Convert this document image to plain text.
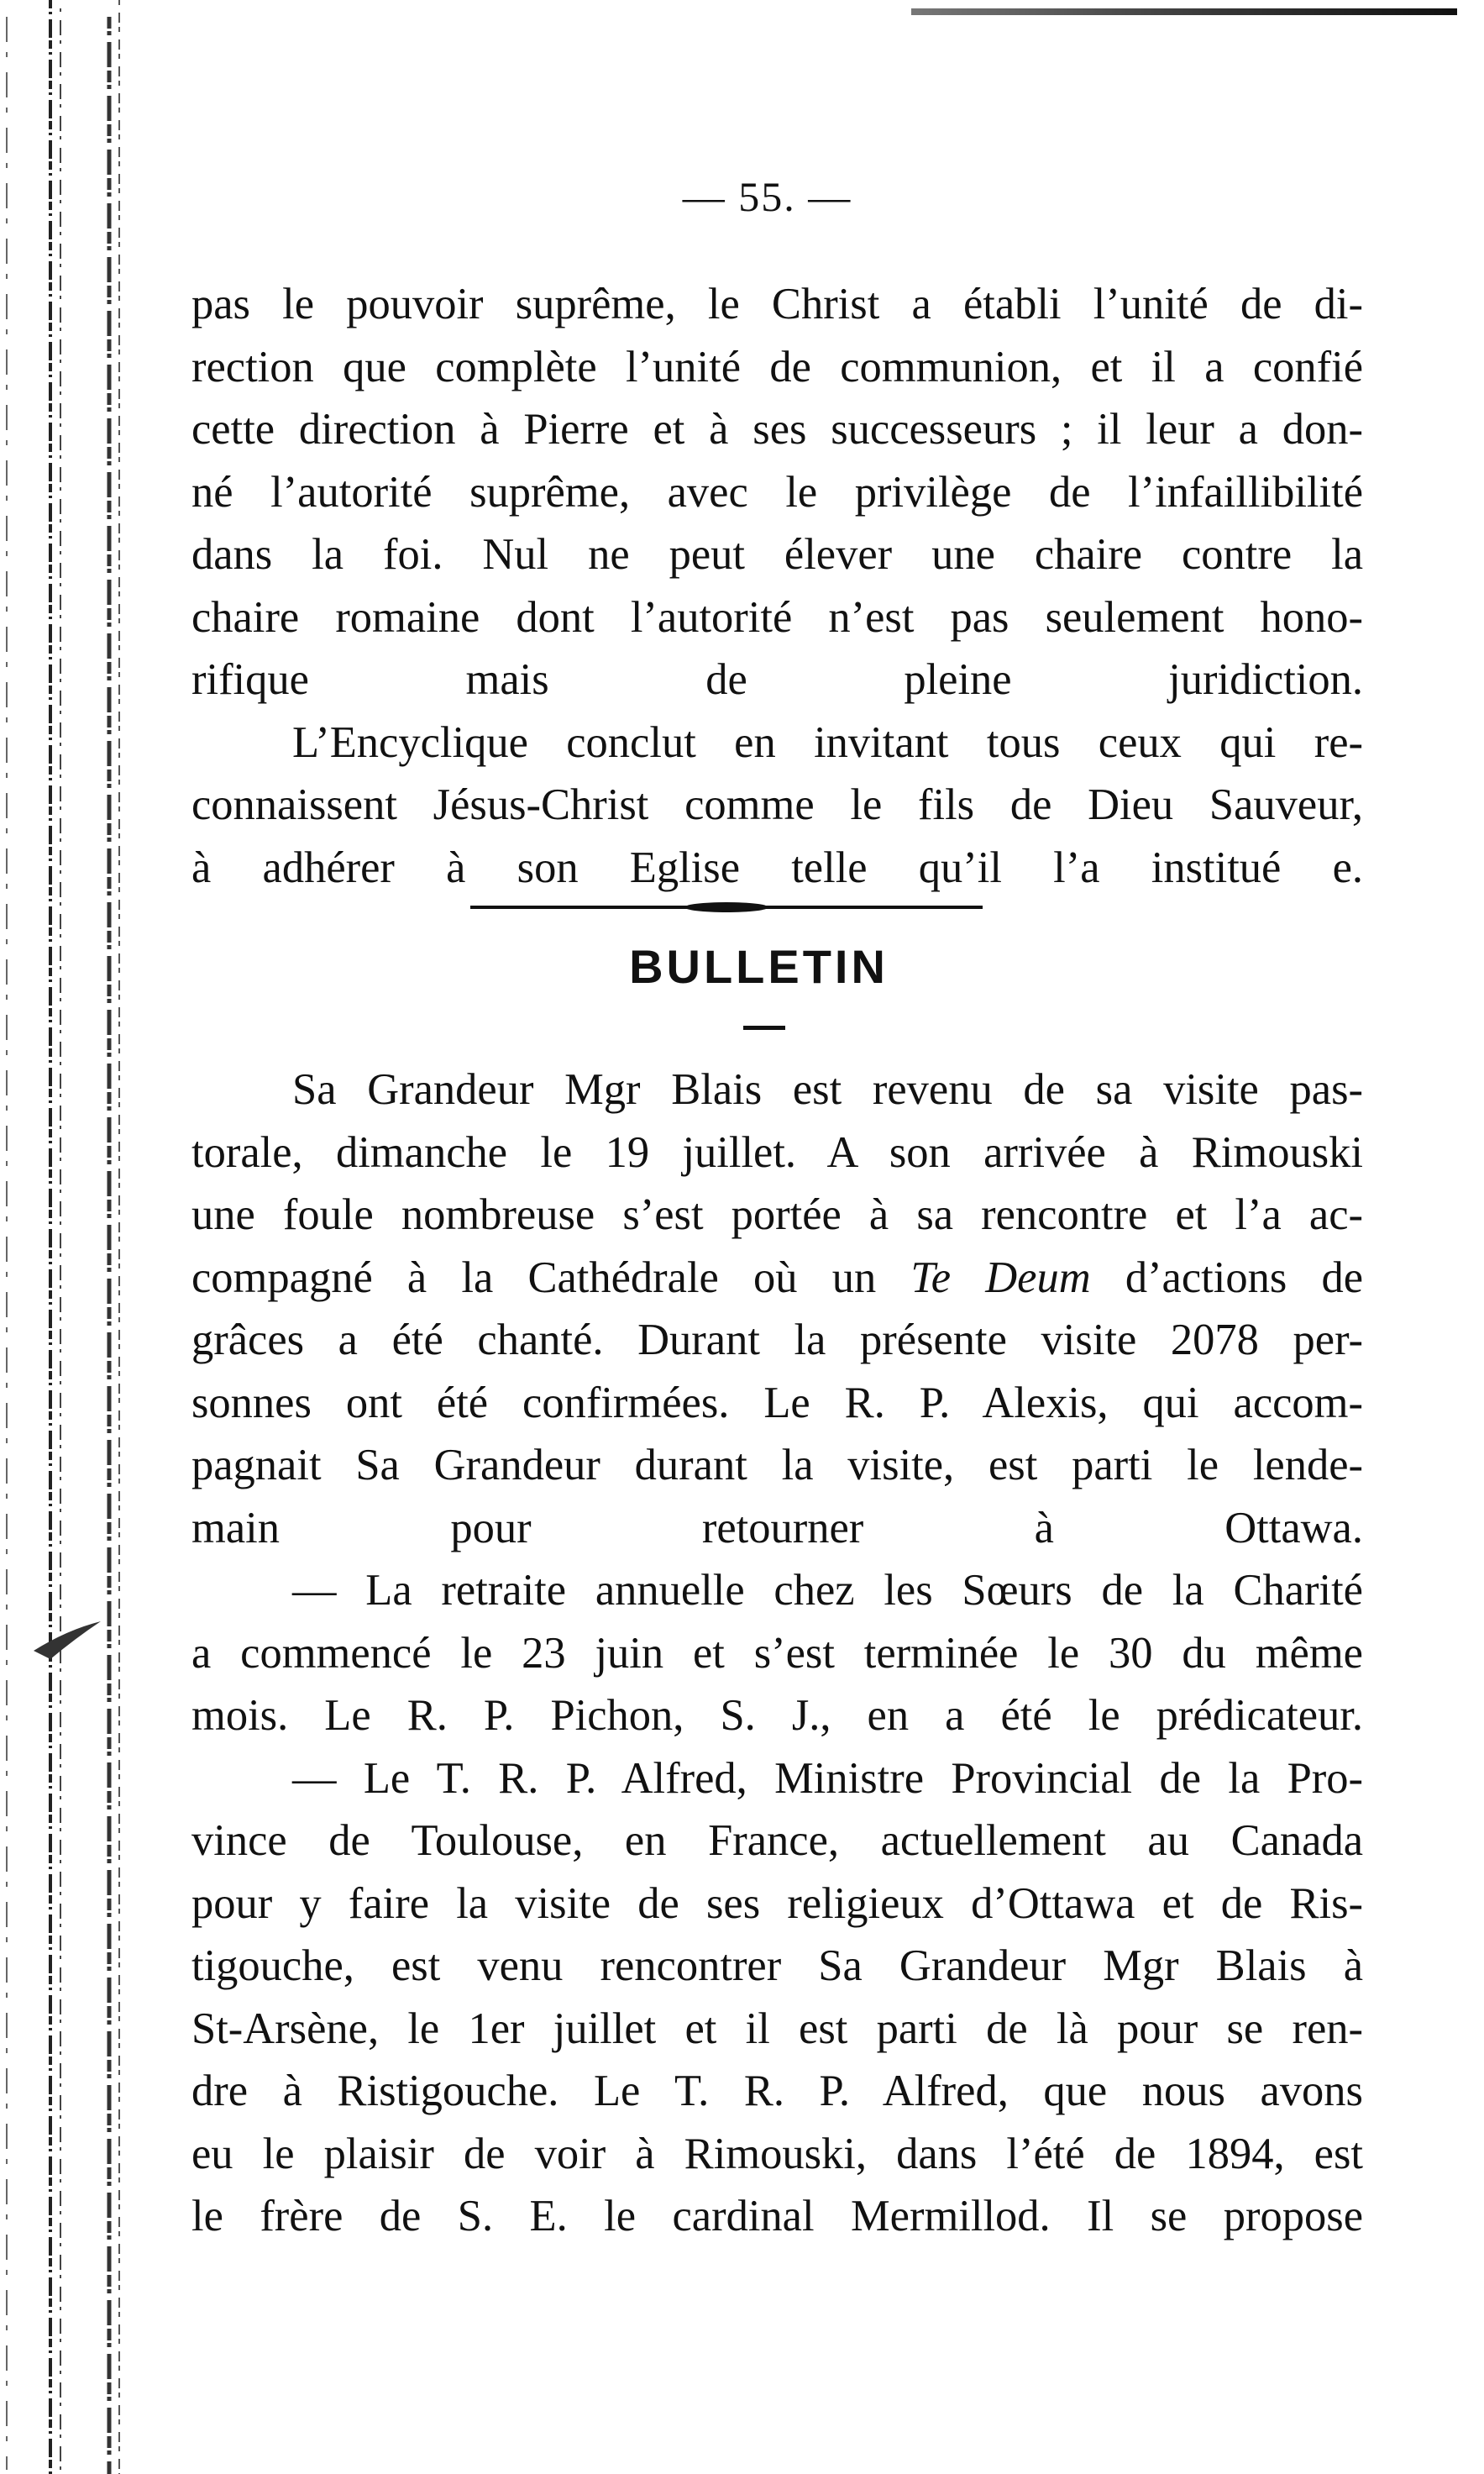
— 55. —

pas le pouvoir suprême, le Christ a établi l’unité de di-
rection que complète l’unité de communion, et il a confié
cette direction à Pierre et à ses successeurs ; il leur a don-
né l’autorité suprême, avec le privilège de l’infaillibilité
dans la foi. Nul ne peut élever une chaire contre la
chaire romaine dont l’autorité n’est pas seulement hono-
rifique mais de pleine juridiction.

L’Encyclique conclut en invitant tous ceux qui re-
connaissent Jésus-Christ comme le fils de Dieu Sauveur,
à adhérer à son Eglise telle qu’il l’a institué e.

BULLETIN

Sa Grandeur Mgr Blais est revenu de sa visite pas-
torale, dimanche le 19 juillet. A son arrivée à Rimouski
une foule nombreuse s’est portée à sa rencontre et l’a ac-
compagné à la Cathédrale où un Te Deum d’actions de
grâces a été chanté. Durant la présente visite 2078 per-
sonnes ont été confirmées. Le R. P. Alexis, qui accom-
pagnait Sa Grandeur durant la visite, est parti le lende-
main pour retourner à Ottawa.

— La retraite annuelle chez les Sœurs de la Charité
a commencé le 23 juin et s’est terminée le 30 du même
mois. Le R. P. Pichon, S. J., en a été le prédicateur.

— Le T. R. P. Alfred, Ministre Provincial de la Pro-
vince de Toulouse, en France, actuellement au Canada
pour y faire la visite de ses religieux d’Ottawa et de Ris-
tigouche, est venu rencontrer Sa Grandeur Mgr Blais à
St-Arsène, le 1er juillet et il est parti de là pour se ren-
dre à Ristigouche. Le T. R. P. Alfred, que nous avons
eu le plaisir de voir à Rimouski, dans l’été de 1894, est
le frère de S. E. le cardinal Mermillod. Il se propose
